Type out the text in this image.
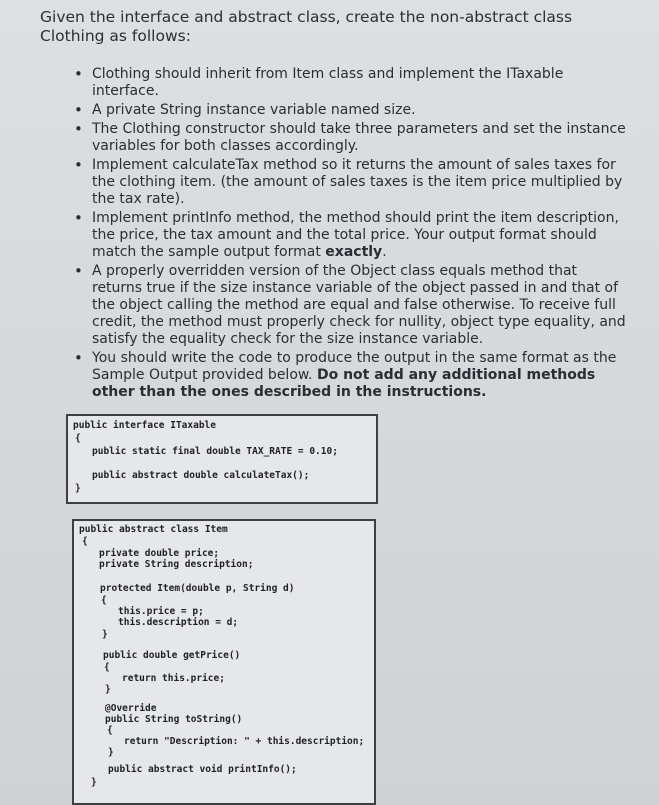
Given the interface and abstract class, create the non-abstract class Clothing as follows:
• Clothing should inherit from Item class and implement the ITaxable interface.
• A private String instance variable named size.
• The Clothing constructor should take three parameters and set the instance variables for both classes accordingly.
• Implement calculateTax method so it returns the amount of sales taxes for the clothing item. (the amount of sales taxes is the item price multiplied by the tax rate).
• Implement printInfo method, the method should print the item description, the price, the tax amount and the total price. Your output format should match the sample output format exactly.
• A properly overridden version of the Object class equals method that returns true if the size instance variable of the object passed in and that of the object calling the method are equal and false otherwise. To receive full credit, the method must properly check for nullity, object type equality, and satisfy the equality check for the size instance variable.
• You should write the code to produce the output in the same format as the Sample Output provided below. Do not add any additional methods other than the ones described in the instructions.

public interface ITaxable

{

public static final double TAX_RATE = 0.10;

public abstract double calculateTax();

}

public abstract class Item

{

private double price;

private String description;

protected Item(double p, String d)

{

this.price = p;

this.description = d;

}

public double getPrice()

{

return this.price;

}

@Override

public String toString()

{

return "Description: " + this.description;

}

public abstract void printInfo();

}
